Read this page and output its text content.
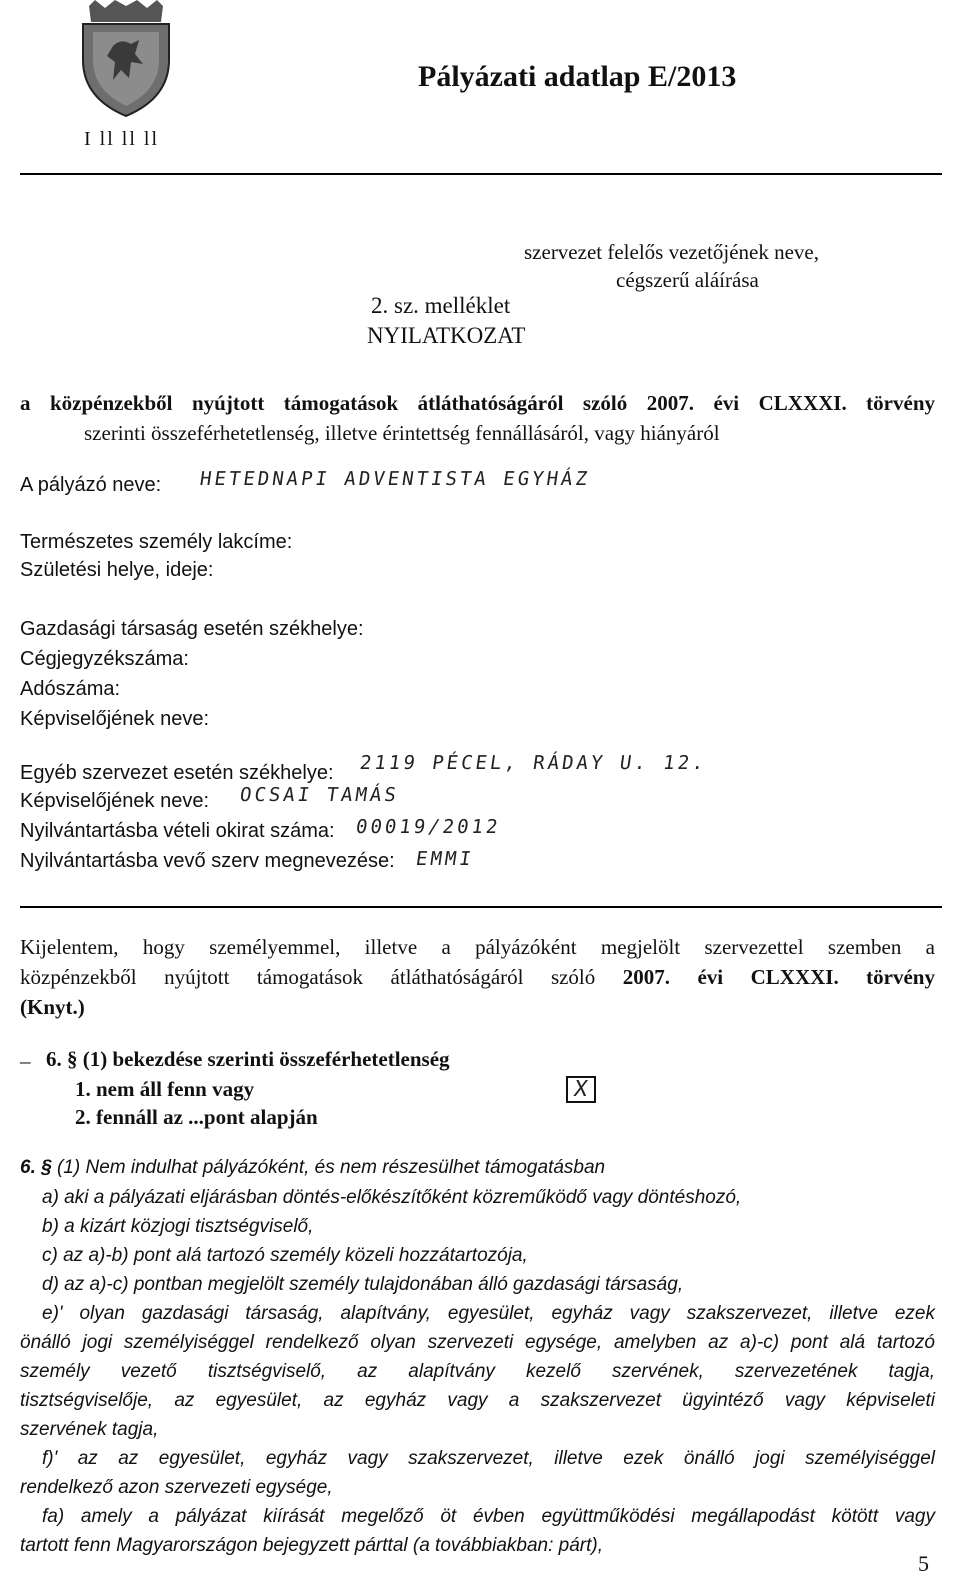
I ll ll ll
Pályázati adatlap E/2013
szervezet felelős vezetőjének neve,
cégszerű aláírása
2. sz. melléklet
NYILATKOZAT
a közpénzekből nyújtott támogatások átláthatóságáról szóló 2007. évi CLXXXI. törvény
szerinti összeférhetetlenség, illetve érintettség fennállásáról, vagy hiányáról
A pályázó neve: HETEDNAPI ADVENTISTA EGYHÁZ
Természetes személy lakcíme:
Születési helye, ideje:
Gazdasági társaság esetén székhelye:
Cégjegyzékszáma:
Adószáma:
Képviselőjének neve:
Egyéb szervezet esetén székhelye: 2119 PÉCEL, RÁDAY U. 12.
Képviselőjének neve: OCSAI TAMÁS
Nyilvántartásba vételi okirat száma: 00019/2012
Nyilvántartásba vevő szerv megnevezése: EMMI
Kijelentem, hogy személyemmel, illetve a pályázóként megjelölt szervezettel szemben a
közpénzekből nyújtott támogatások átláthatóságáról szóló 2007. évi CLXXXI. törvény
(Knyt.)
– 6. § (1) bekezdése szerinti összeférhetetlenség
1. nem áll fenn vagy	X
2. fennáll az ...pont alapján
6. § (1) Nem indulhat pályázóként, és nem részesülhet támogatásban
a) aki a pályázati eljárásban döntés-előkészítőként közreműködő vagy döntéshozó,
b) a kizárt közjogi tisztségviselő,
c) az a)-b) pont alá tartozó személy közeli hozzátartozója,
d) az a)-c) pontban megjelölt személy tulajdonában álló gazdasági társaság,
e)' olyan gazdasági társaság, alapítvány, egyesület, egyház vagy szakszervezet, illetve ezek
önálló jogi személyiséggel rendelkező olyan szervezeti egysége, amelyben az a)-c) pont alá tartozó
személy vezető tisztségviselő, az alapítvány kezelő szervének, szervezetének tagja,
tisztségviselője, az egyesület, az egyház vagy a szakszervezet ügyintéző vagy képviseleti
szervének tagja,
f)' az az egyesület, egyház vagy szakszervezet, illetve ezek önálló jogi személyiséggel
rendelkező azon szervezeti egysége,
fa) amely a pályázat kiírását megelőző öt évben együttműködési megállapodást kötött vagy
tartott fenn Magyarországon bejegyzett párttal (a továbbiakban: párt),
5
